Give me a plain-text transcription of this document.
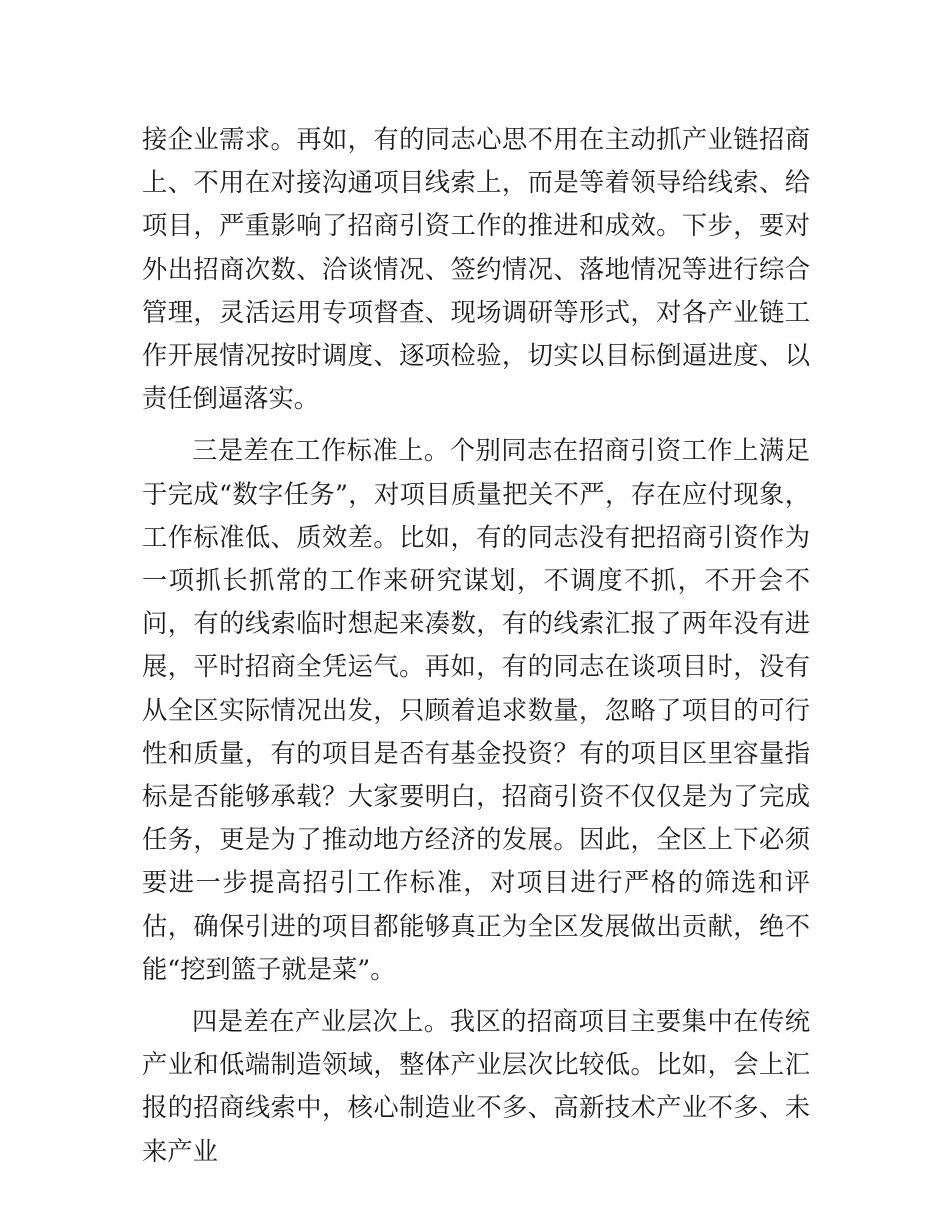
接企业需求。再如，有的同志心思不用在主动抓产业链招商上、不用在对接沟通项目线索上，而是等着领导给线索、给项目，严重影响了招商引资工作的推进和成效。下步，要对外出招商次数、洽谈情况、签约情况、落地情况等进行综合管理，灵活运用专项督查、现场调研等形式，对各产业链工作开展情况按时调度、逐项检验，切实以目标倒逼进度、以责任倒逼落实。

三是差在工作标准上。个别同志在招商引资工作上满足于完成“数字任务”，对项目质量把关不严，存在应付现象，工作标准低、质效差。比如，有的同志没有把招商引资作为一项抓长抓常的工作来研究谋划，不调度不抓，不开会不问，有的线索临时想起来凑数，有的线索汇报了两年没有进展，平时招商全凭运气。再如，有的同志在谈项目时，没有从全区实际情况出发，只顾着追求数量，忽略了项目的可行性和质量，有的项目是否有基金投资？有的项目区里容量指标是否能够承载？大家要明白，招商引资不仅仅是为了完成任务，更是为了推动地方经济的发展。因此，全区上下必须要进一步提高招引工作标准，对项目进行严格的筛选和评估，确保引进的项目都能够真正为全区发展做出贡献，绝不能“挖到篮子就是菜”。

四是差在产业层次上。我区的招商项目主要集中在传统产业和低端制造领域，整体产业层次比较低。比如，会上汇报的招商线索中，核心制造业不多、高新技术产业不多、未来产业
